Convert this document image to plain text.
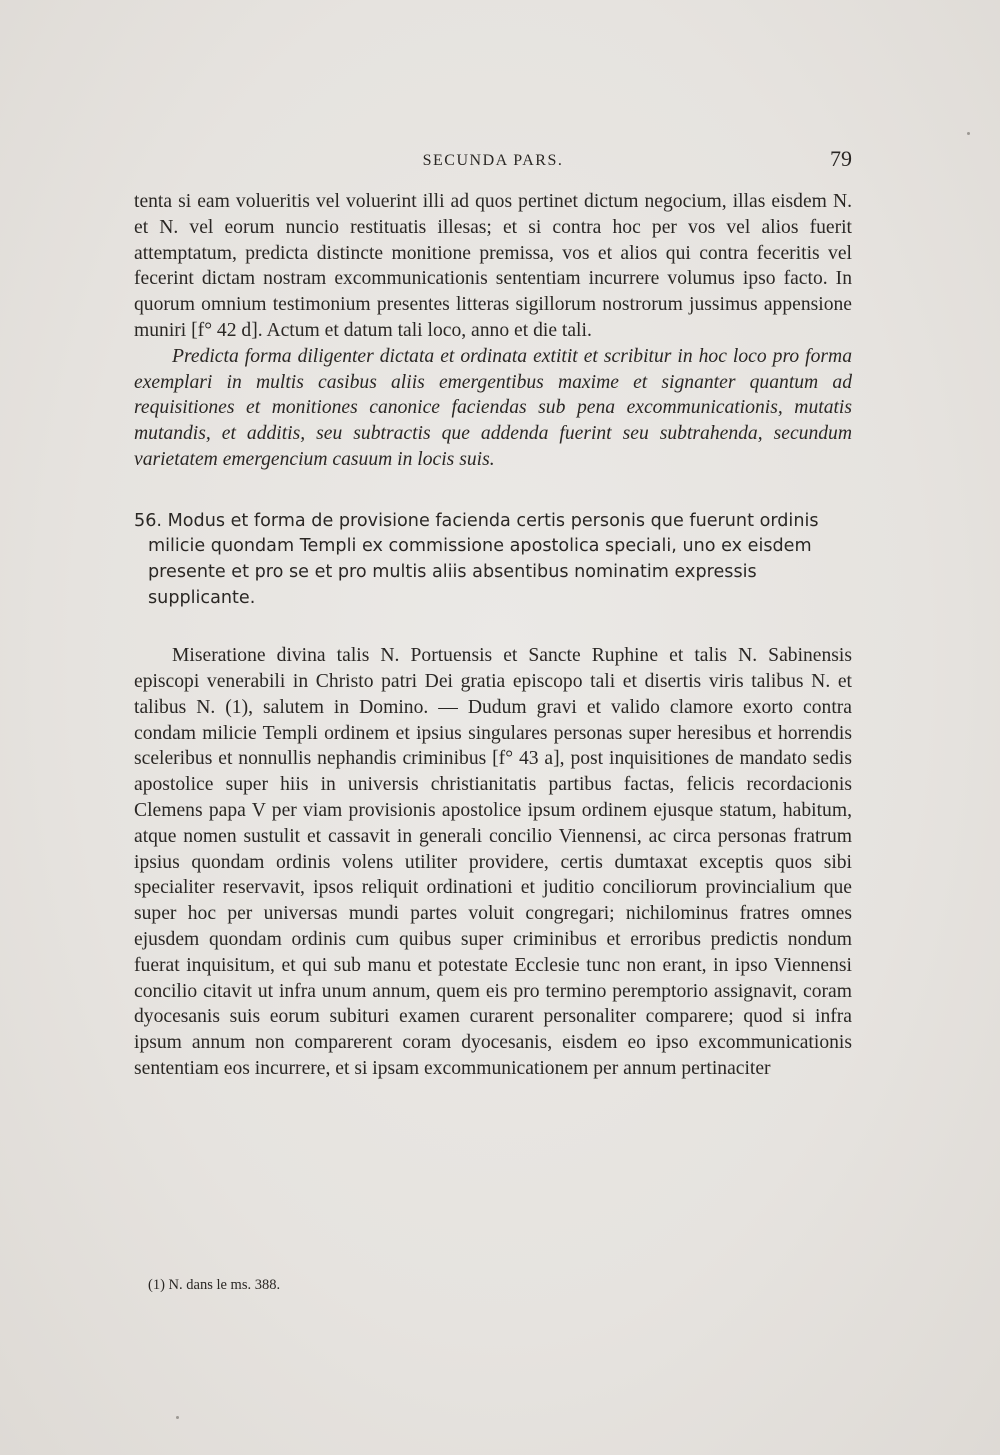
SECUNDA PARS.	79

tenta si eam volueritis vel voluerint illi ad quos pertinet dictum negocium, illas eisdem N. et N. vel eorum nuncio restituatis illesas; et si contra hoc per vos vel alios fuerit attemptatum, predicta distincte monitione premissa, vos et alios qui contra feceritis vel fecerint dictam nostram excommunicationis sententiam incurrere volumus ipso facto. In quorum omnium testimonium presentes litteras sigillorum nostrorum jussimus appensione muniri [f° 42 d]. Actum et datum tali loco, anno et die tali.

Predicta forma diligenter dictata et ordinata extitit et scribitur in hoc loco pro forma exemplari in multis casibus aliis emergentibus maxime et signanter quantum ad requisitiones et monitiones canonice faciendas sub pena excommunicationis, mutatis mutandis, et additis, seu subtractis que addenda fuerint seu subtrahenda, secundum varietatem emergencium casuum in locis suis.

56. Modus et forma de provisione facienda certis personis que fuerunt ordinis milicie quondam Templi ex commissione apostolica speciali, uno ex eisdem presente et pro se et pro multis aliis absentibus nominatim expressis supplicante.

Miseratione divina talis N. Portuensis et Sancte Ruphine et talis N. Sabinensis episcopi venerabili in Christo patri Dei gratia episcopo tali et disertis viris talibus N. et talibus N. (1), salutem in Domino. — Dudum gravi et valido clamore exorto contra condam milicie Templi ordinem et ipsius singulares personas super heresibus et horrendis sceleribus et nonnullis nephandis criminibus [f° 43 a], post inquisitiones de mandato sedis apostolice super hiis in universis christianitatis partibus factas, felicis recordacionis Clemens papa V per viam provisionis apostolice ipsum ordinem ejusque statum, habitum, atque nomen sustulit et cassavit in generali concilio Viennensi, ac circa personas fratrum ipsius quondam ordinis volens utiliter providere, certis dumtaxat exceptis quos sibi specialiter reservavit, ipsos reliquit ordinationi et juditio conciliorum provincialium que super hoc per universas mundi partes voluit congregari; nichilominus fratres omnes ejusdem quondam ordinis cum quibus super criminibus et erroribus predictis nondum fuerat inquisitum, et qui sub manu et potestate Ecclesie tunc non erant, in ipso Viennensi concilio citavit ut infra unum annum, quem eis pro termino peremptorio assignavit, coram dyocesanis suis eorum subituri examen curarent personaliter comparere; quod si infra ipsum annum non comparerent coram dyocesanis, eisdem eo ipso excommunicationis sententiam eos incurrere, et si ipsam excommunicationem per annum pertinaciter

(1) N. dans le ms. 388.
